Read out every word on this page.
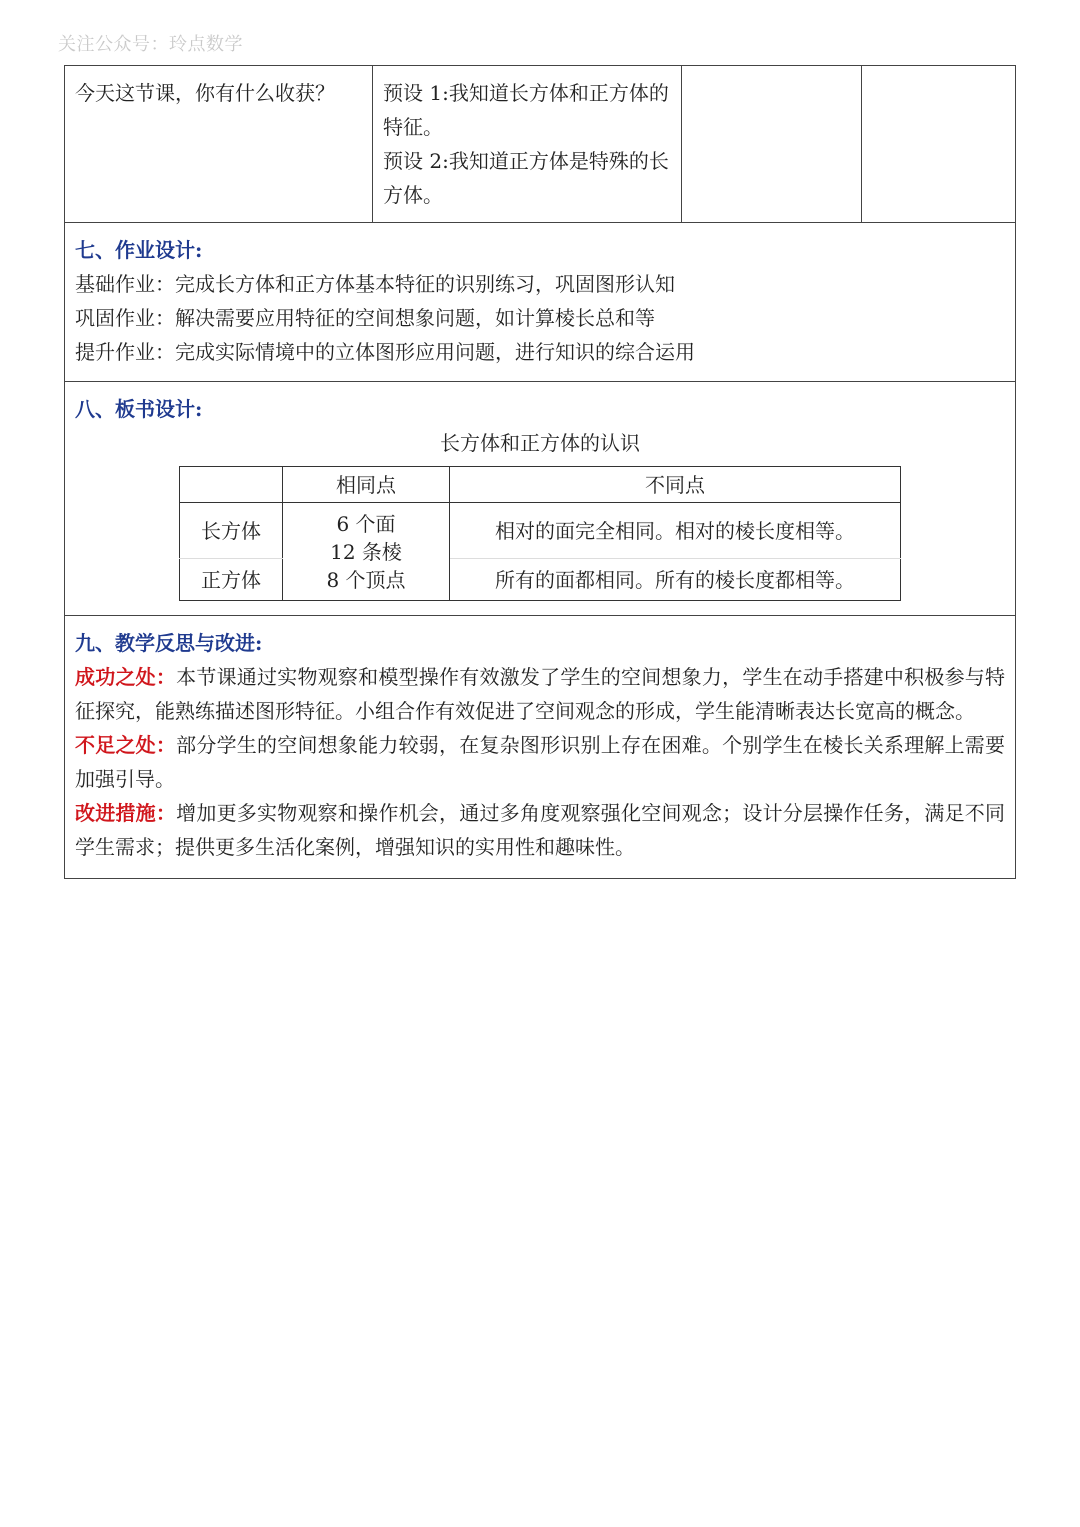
关注公众号：玲点数学
今天这节课，你有什么收获？	预设 1:我知道长方体和正方体的特征。
预设 2:我知道正方体是特殊的长方体。
七、作业设计:
基础作业：完成长方体和正方体基本特征的识别练习，巩固图形认知
巩固作业：解决需要应用特征的空间想象问题，如计算棱长总和等
提升作业：完成实际情境中的立体图形应用问题，进行知识的综合运用
八、板书设计:
长方体和正方体的认识
	相同点	不同点
长方体	6 个面
12 条棱
8 个顶点	相对的面完全相同。相对的棱长度相等。
正方体		所有的面都相同。所有的棱长度都相等。
九、教学反思与改进:
成功之处：本节课通过实物观察和模型操作有效激发了学生的空间想象力，学生在动手搭建中积极参与特征探究，能熟练描述图形特征。小组合作有效促进了空间观念的形成，学生能清晰表达长宽高的概念。
不足之处：部分学生的空间想象能力较弱，在复杂图形识别上存在困难。个别学生在棱长关系理解上需要加强引导。
改进措施：增加更多实物观察和操作机会，通过多角度观察强化空间观念；设计分层操作任务，满足不同学生需求；提供更多生活化案例，增强知识的实用性和趣味性。
